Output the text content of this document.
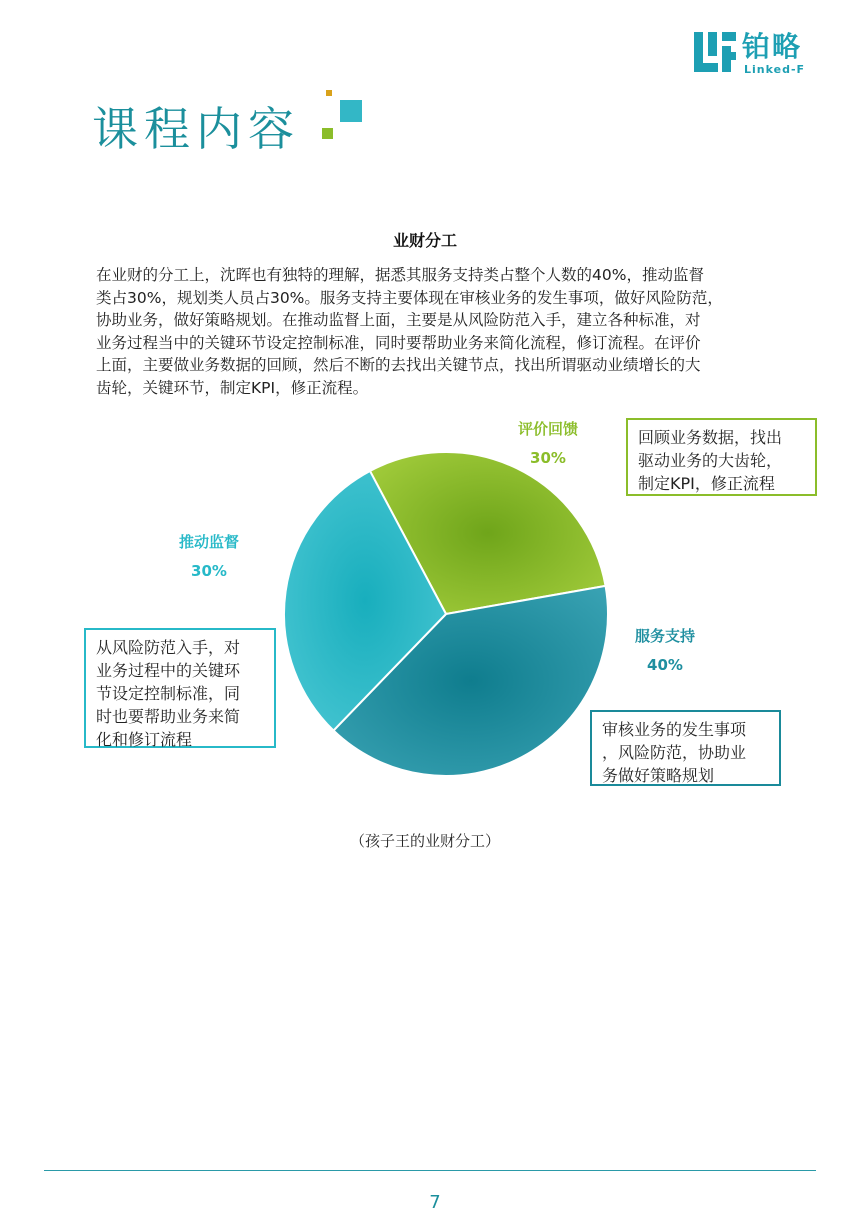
铂略
Linked-F
课程内容
业财分工
在业财的分工上，沈晖也有独特的理解，据悉其服务支持类占整个人数的40%，推动监督
类占30%，规划类人员占30%。服务支持主要体现在审核业务的发生事项，做好风险防范，
协助业务，做好策略规划。在推动监督上面，主要是从风险防范入手，建立各种标准，对
业务过程当中的关键环节设定控制标准，同时要帮助业务来简化流程，修订流程。在评价
上面，主要做业务数据的回顾，然后不断的去找出关键节点，找出所谓驱动业绩增长的大
齿轮，关键环节，制定KPI，修正流程。
评价回馈
30%
服务支持
40%
推动监督
30%
回顾业务数据，找出
驱动业务的大齿轮，
制定KPI，修正流程
从风险防范入手，对
业务过程中的关键环
节设定控制标准，同
时也要帮助业务来简
化和修订流程
审核业务的发生事项
，风险防范，协助业
务做好策略规划
（孩子王的业财分工）
7
